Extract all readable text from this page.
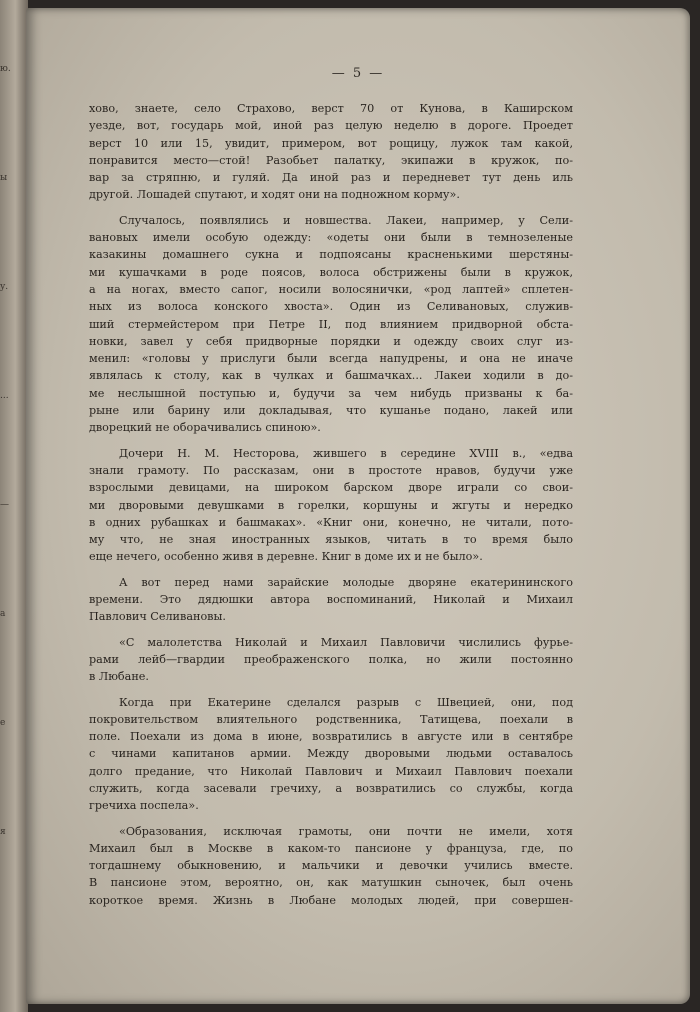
ю.
ы
у.
...
—
а
е
я
— 5 —
хово, знаете, село Страхово, верст 70 от Кунова, в Каширском
уезде, вот, государь мой, иной раз целую неделю в дороге. Проедет
верст 10 или 15, увидит, примером, вот рощицу, лужок там какой,
понравится место—стой! Разобьет палатку, экипажи в кружок, по-
вар за стряпню, и гуляй. Да иной раз и передневет тут день иль
другой. Лошадей спутают, и ходят они на подножном корму».
Случалось, появлялись и новшества. Лакеи, например, у Сели-
вановых имели особую одежду: «одеты они были в темнозеленые
казакины домашнего сукна и подпоясаны красненькими шерстяны-
ми кушачками в роде поясов, волоса обстрижены были в кружок,
а на ногах, вместо сапог, носили волосянички, «род лаптей» сплетен-
ных из волоса конского хвоста». Один из Селивановых, служив-
ший стермейстером при Петре II, под влиянием придворной обста-
новки, завел у себя придворные порядки и одежду своих слуг из-
менил: «головы у прислуги были всегда напудрены, и она не иначе
являлась к столу, как в чулках и башмачках... Лакеи ходили в до-
ме неслышной поступью и, будучи за чем нибудь призваны к ба-
рыне или барину или докладывая, что кушанье подано, лакей или
дворецкий не оборачивались спиною».
Дочери Н. М. Несторова, жившего в середине XVIII в., «едва
знали грамоту. По рассказам, они в простоте нравов, будучи уже
взрослыми девицами, на широком барском дворе играли со свои-
ми дворовыми девушками в горелки, коршуны и жгуты и нередко
в одних рубашках и башмаках». «Книг они, конечно, не читали, пото-
му что, не зная иностранных языков, читать в то время было
еще нечего, особенно живя в деревне. Книг в доме их и не было».
А вот перед нами зарайские молодые дворяне екатерининского
времени. Это дядюшки автора воспоминаний, Николай и Михаил
Павлович Селивановы.
«С малолетства Николай и Михаил Павловичи числились фурье-
рами лейб—гвардии преображенского полка, но жили постоянно
в Любане.
Когда при Екатерине сделался разрыв с Швецией, они, под
покровительством влиятельного родственника, Татищева, поехали в
поле. Поехали из дома в июне, возвратились в августе или в сентябре
с чинами капитанов армии. Между дворовыми людьми оставалось
долго предание, что Николай Павлович и Михаил Павлович поехали
служить, когда засевали гречиху, а возвратились со службы, когда
гречиха поспела».
«Образования, исключая грамоты, они почти не имели, хотя
Михаил был в Москве в каком-то пансионе у француза, где, по
тогдашнему обыкновению, и мальчики и девочки учились вместе.
В пансионе этом, вероятно, он, как матушкин сыночек, был очень
короткое время. Жизнь в Любане молодых людей, при совершен-
